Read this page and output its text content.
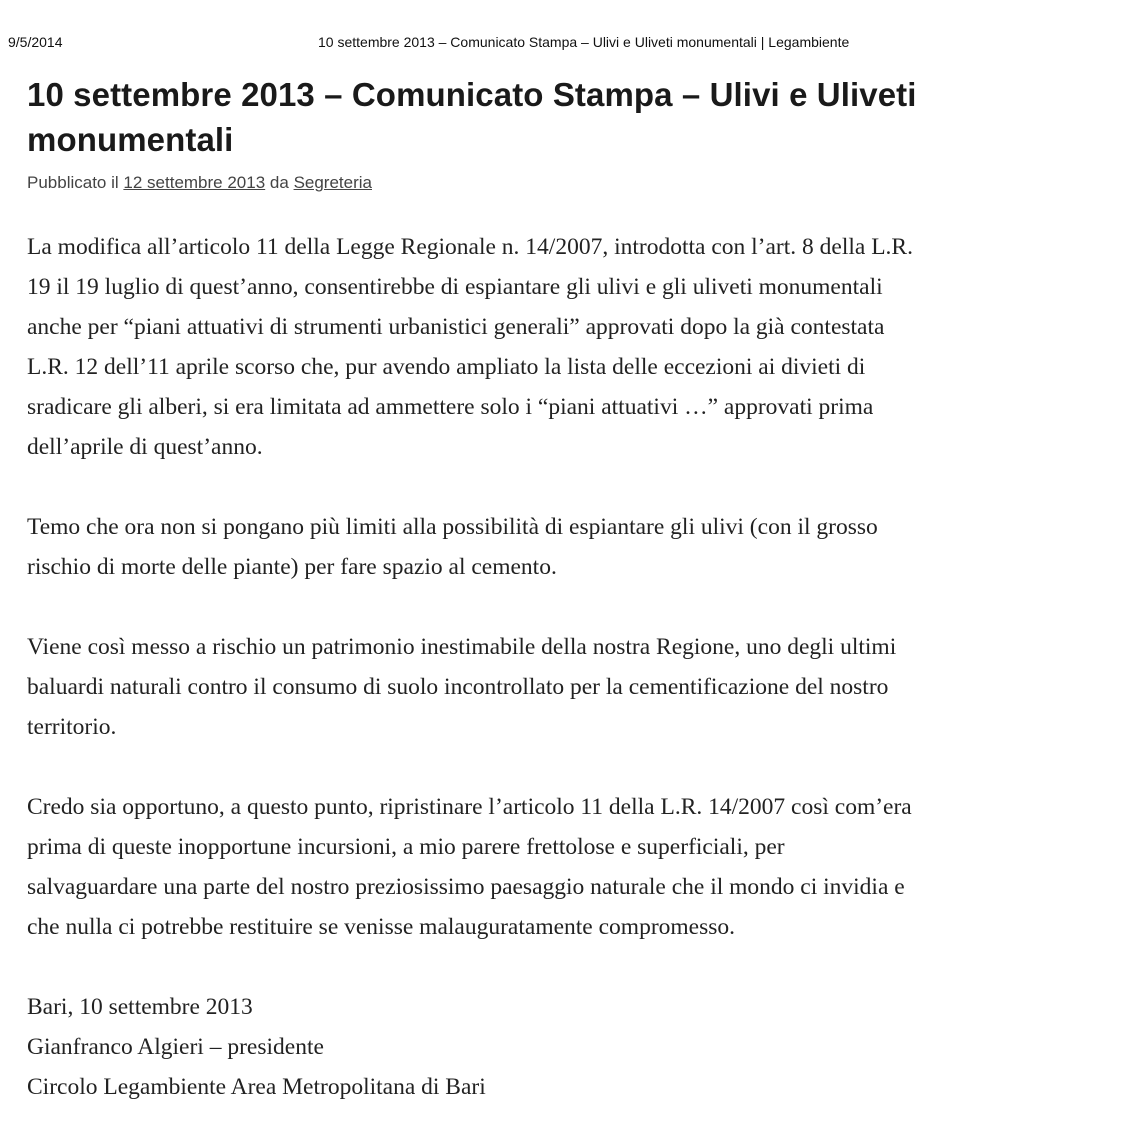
9/5/2014	10 settembre 2013 – Comunicato Stampa – Ulivi e Uliveti monumentali | Legambiente
10 settembre 2013 – Comunicato Stampa – Ulivi e Uliveti
monumentali
Pubblicato il 12 settembre 2013 da Segreteria

La modifica all’articolo 11 della Legge Regionale n. 14/2007, introdotta con l’art. 8 della L.R.
19 il 19 luglio di quest’anno, consentirebbe di espiantare gli ulivi e gli uliveti monumentali
anche per “piani attuativi di strumenti urbanistici generali” approvati dopo la già contestata
L.R. 12 dell’11 aprile scorso che, pur avendo ampliato la lista delle eccezioni ai divieti di
sradicare gli alberi, si era limitata ad ammettere solo i “piani attuativi …” approvati prima
dell’aprile di quest’anno.

Temo che ora non si pongano più limiti alla possibilità di espiantare gli ulivi (con il grosso
rischio di morte delle piante) per fare spazio al cemento.

Viene così messo a rischio un patrimonio inestimabile della nostra Regione, uno degli ultimi
baluardi naturali contro il consumo di suolo incontrollato per la cementificazione del nostro
territorio.

Credo sia opportuno, a questo punto, ripristinare l’articolo 11 della L.R. 14/2007 così com’era
prima di queste inopportune incursioni, a mio parere frettolose e superficiali, per
salvaguardare una parte del nostro preziosissimo paesaggio naturale che il mondo ci invidia e
che nulla ci potrebbe restituire se venisse malauguratamente compromesso.

Bari, 10 settembre 2013
Gianfranco Algieri – presidente
Circolo Legambiente Area Metropolitana di Bari
